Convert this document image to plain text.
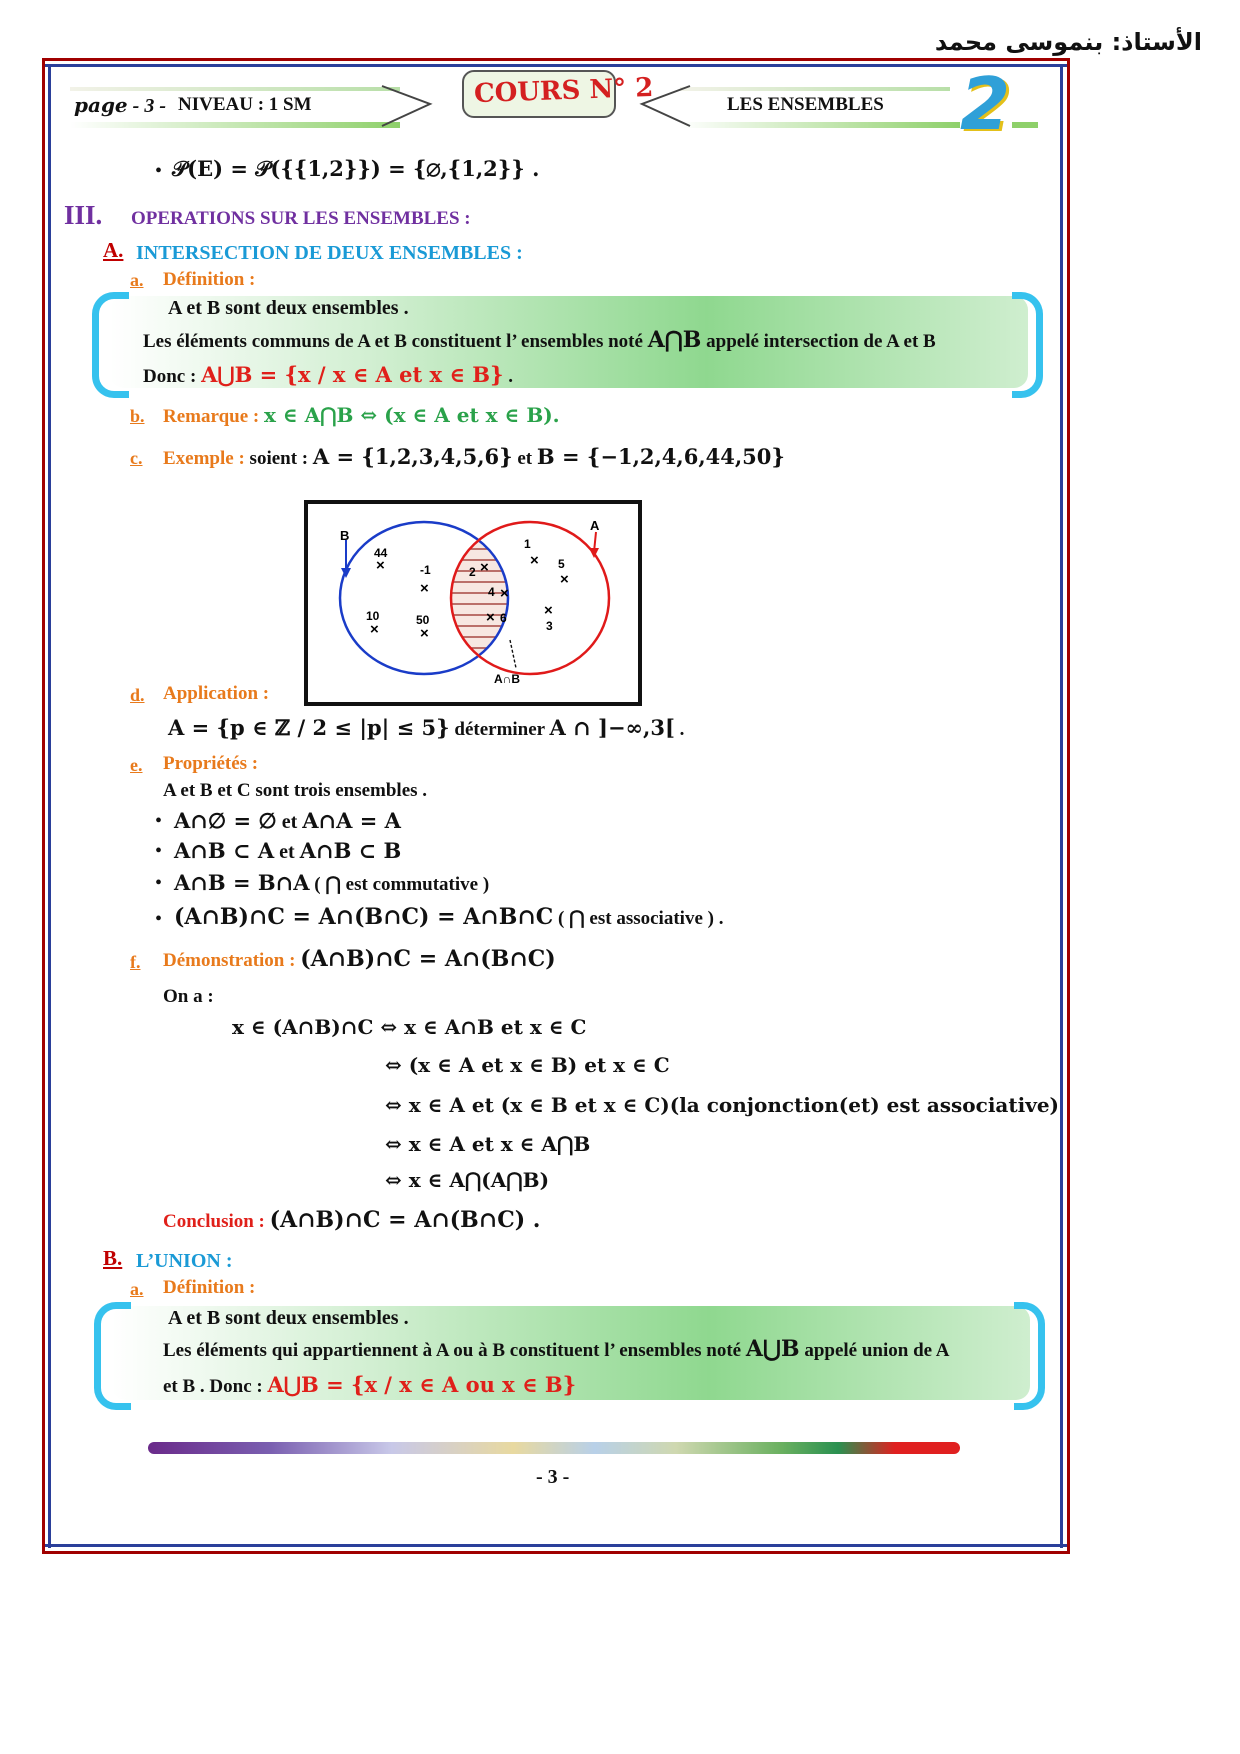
الأستاذ: بنموسى محمد
page - 3 - NIVEAU : 1 SM	COURS N° 2	LES ENSEMBLES 2
• 𝒫(E) = 𝒫({{1,2}}) = {∅,{1,2}} .
III. OPERATIONS SUR LES ENSEMBLES :
A. INTERSECTION DE DEUX ENSEMBLES :
a. Définition :
A et B sont deux ensembles .
Les éléments communs de A et B constituent l’ ensembles noté A⋂B appelé intersection de A et B
Donc : A⋃B = {x / x ∈ A et x ∈ B} .
b. Remarque : x ∈ A⋂B ⇔ (x ∈ A et x ∈ B).
c. Exemple : soient : A = {1,2,3,4,5,6} et B = {−1,2,4,6,44,50}
B
A
A∩B
44
×	-1
×
10
×
50
×
2 ×
4 ×
× 6
1
× 5
×
×
3
d. Application :
A = {p ∈ ℤ / 2 ≤ |p| ≤ 5} déterminer A ∩ ]−∞,3[ .
e. Propriétés :
A et B et C sont trois ensembles .
• A∩∅ = ∅ et A∩A = A
• A∩B ⊂ A et A∩B ⊂ B
• A∩B = B∩A ( ⋂ est commutative )
• (A∩B)∩C = A∩(B∩C) = A∩B∩C ( ⋂ est associative ) .
f. Démonstration : (A∩B)∩C = A∩(B∩C)
On a :
x ∈ (A∩B)∩C ⇔ x ∈ A∩B et x ∈ C
⇔ (x ∈ A et x ∈ B) et x ∈ C
⇔ x ∈ A et (x ∈ B et x ∈ C)(la conjonction(et) est associative)
⇔ x ∈ A et x ∈ A⋂B
⇔ x ∈ A⋂(A⋂B)
Conclusion : (A∩B)∩C = A∩(B∩C) .
B. L’UNION :
a. Définition :
A et B sont deux ensembles .
Les éléments qui appartiennent à A ou à B constituent l’ ensembles noté A⋃B appelé union de A
et B . Donc : A⋃B = {x / x ∈ A ou x ∈ B}
- 3 -
